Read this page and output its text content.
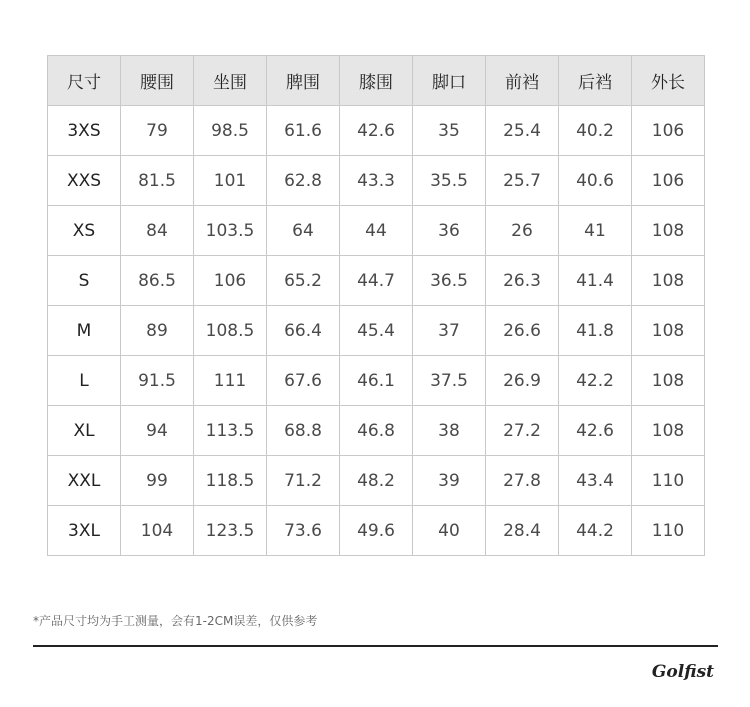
尺寸	腰围	坐围	脾围	膝围	脚口	前裆	后裆	外长
3XS	79	98.5	61.6	42.6	35	25.4	40.2	106
XXS	81.5	101	62.8	43.3	35.5	25.7	40.6	106
XS	84	103.5	64	44	36	26	41	108
S	86.5	106	65.2	44.7	36.5	26.3	41.4	108
M	89	108.5	66.4	45.4	37	26.6	41.8	108
L	91.5	111	67.6	46.1	37.5	26.9	42.2	108
XL	94	113.5	68.8	46.8	38	27.2	42.6	108
XXL	99	118.5	71.2	48.2	39	27.8	43.4	110
3XL	104	123.5	73.6	49.6	40	28.4	44.2	110
*产品尺寸均为手工测量，会有1-2CM误差，仅供参考
Golfist
